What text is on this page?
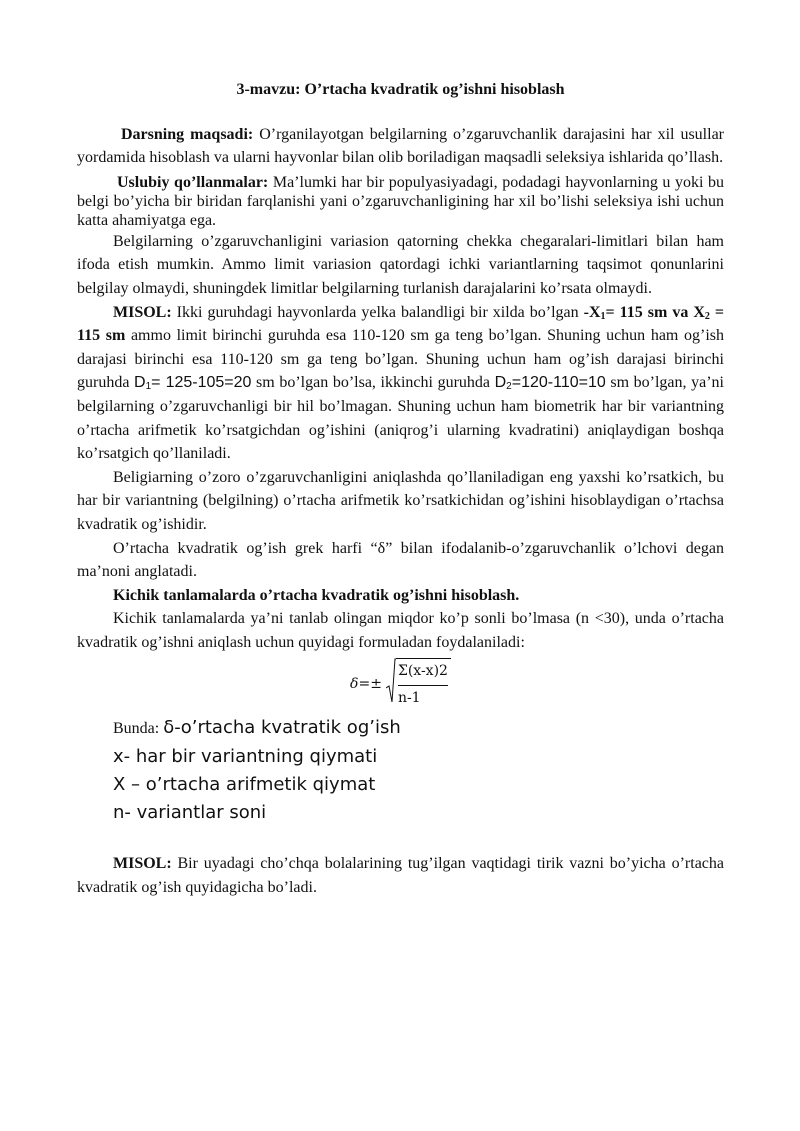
3-mavzu: O’rtacha kvadratik og’ishni hisoblash

Darsning maqsadi: O’rganilayotgan belgilarning o’zgaruvchanlik darajasini har xil usullar yordamida hisoblash va ularni hayvonlar bilan olib boriladigan maqsadli seleksiya ishlarida qo’llash.

Uslubiy qo’llanmalar: Ma’lumki har bir populyasiyadagi, podadagi hayvonlarning u yoki bu belgi bo’yicha bir biridan farqlanishi yani o’zgaruvchanligining har xil bo’lishi seleksiya ishi uchun katta ahamiyatga ega.

Belgilarning o’zgaruvchanligini variasion qatorning chekka chegaralari-limitlari bilan ham ifoda etish mumkin. Ammo limit variasion qatordagi ichki variantlarning taqsimot qonunlarini belgilay olmaydi, shuningdek limitlar belgilarning turlanish darajalarini ko’rsata olmaydi.

MISOL: Ikki guruhdagi hayvonlarda yelka balandligi bir xilda bo’lgan $-X_1= 115$ sm va $X_2 = 115$ sm ammo limit birinchi guruhda esa 110-120 sm ga teng bo’lgan. Shuning uchun ham og’ish darajasi birinchi esa 110-120 sm ga teng bo’lgan. Shuning uchun ham og’ish darajasi birinchi guruhda D1= 125-105=20 sm bo’lgan bo’lsa, ikkinchi guruhda D2=120-110=10 sm bo’lgan, ya’ni belgilarning o’zgaruvchanligi bir hil bo’lmagan. Shuning uchun ham biometrik har bir variantning o’rtacha arifmetik ko’rsatgichdan og’ishini (aniqrog’i ularning kvadratini) aniqlaydigan boshqa ko’rsatgich qo’llaniladi.

Beligiarning o’zoro o’zgaruvchanligini aniqlashda qo’llaniladigan eng yaxshi ko’rsatkich, bu har bir variantning (belgilning) o’rtacha arifmetik ko’rsatkichidan og’ishini hisoblaydigan o’rtachsa kvadratik og’ishidir.

O’rtacha kvadratik og’ish grek harfi “δ” bilan ifodalanib-o’zgaruvchanlik o’lchovi degan ma’noni anglatadi.

Kichik tanlamalarda o’rtacha kvadratik og’ishni hisoblash.

Kichik tanlamalarda ya’ni tanlab olingan miqdor ko’p sonli bo’lmasa (n <30), unda o’rtacha kvadratik og’ishni aniqlash uchun quyidagi formuladan foydalaniladi:

$\delta=\pm \frac{\Sigma(x-x)2}{n-1}$
Bunda: δ-o’rtacha kvatratik og’ish
x- har bir variantning qiymati
X – o’rtacha arifmetik qiymat
n- variantlar soni

MISOL: Bir uyadagi cho’chqa bolalarining tug’ilgan vaqtidagi tirik vazni bo’yicha o’rtacha kvadratik og’ish quyidagicha bo’ladi.
